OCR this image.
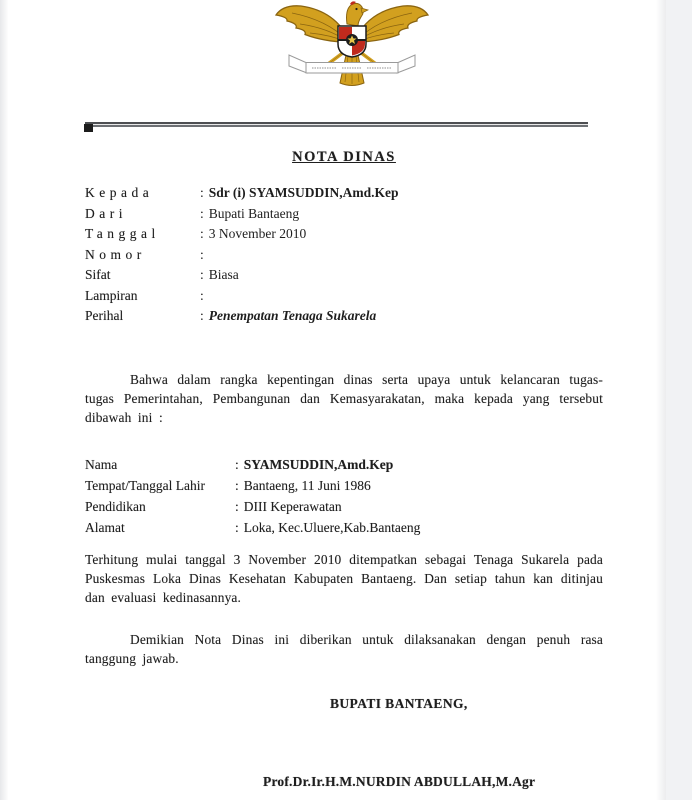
NOTA DINAS
Kepada	: Sdr (i) SYAMSUDDIN,Amd.Kep
Dari	: Bupati Bantaeng
Tanggal	: 3 November 2010
Nomor	:
Sifat	: Biasa
Lampiran	:
Perihal	: Penempatan Tenaga Sukarela
Bahwa dalam rangka kepentingan dinas serta upaya untuk kelancaran tugas-tugas Pemerintahan, Pembangunan dan Kemasyarakatan, maka kepada yang tersebut dibawah ini :
Nama	: SYAMSUDDIN,Amd.Kep
Tempat/Tanggal Lahir	: Bantaeng, 11 Juni 1986
Pendidikan	: DIII Keperawatan
Alamat	: Loka, Kec.Uluere,Kab.Bantaeng
Terhitung mulai tanggal 3 November 2010 ditempatkan sebagai Tenaga Sukarela pada Puskesmas Loka Dinas Kesehatan Kabupaten Bantaeng. Dan setiap tahun kan ditinjau dan evaluasi kedinasannya.
Demikian Nota Dinas ini diberikan untuk dilaksanakan dengan penuh rasa tanggung jawab.
BUPATI BANTAENG,
Prof.Dr.Ir.H.M.NURDIN ABDULLAH,M.Agr
